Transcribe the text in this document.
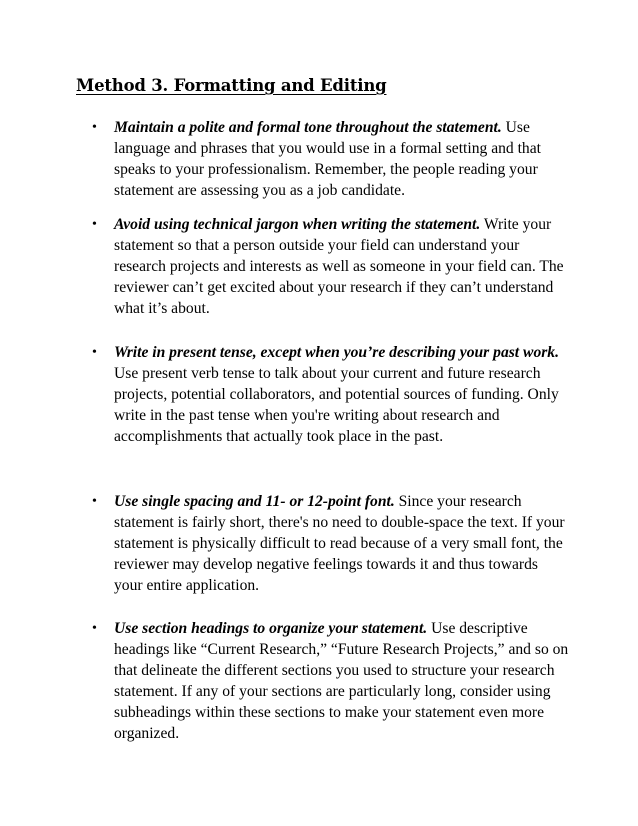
Method 3. Formatting and Editing
•	Maintain a polite and formal tone throughout the statement. Use language and phrases that you would use in a formal setting and that speaks to your professionalism. Remember, the people reading your statement are assessing you as a job candidate.
•	Avoid using technical jargon when writing the statement. Write your statement so that a person outside your field can understand your research projects and interests as well as someone in your field can. The reviewer can’t get excited about your research if they can’t understand what it’s about.
•	Write in present tense, except when you’re describing your past work. Use present verb tense to talk about your current and future research projects, potential collaborators, and potential sources of funding. Only write in the past tense when you're writing about research and accomplishments that actually took place in the past.
•	Use single spacing and 11- or 12-point font. Since your research statement is fairly short, there's no need to double-space the text. If your statement is physically difficult to read because of a very small font, the reviewer may develop negative feelings towards it and thus towards your entire application.
•	Use section headings to organize your statement. Use descriptive headings like “Current Research,” “Future Research Projects,” and so on that delineate the different sections you used to structure your research statement. If any of your sections are particularly long, consider using subheadings within these sections to make your statement even more organized.
